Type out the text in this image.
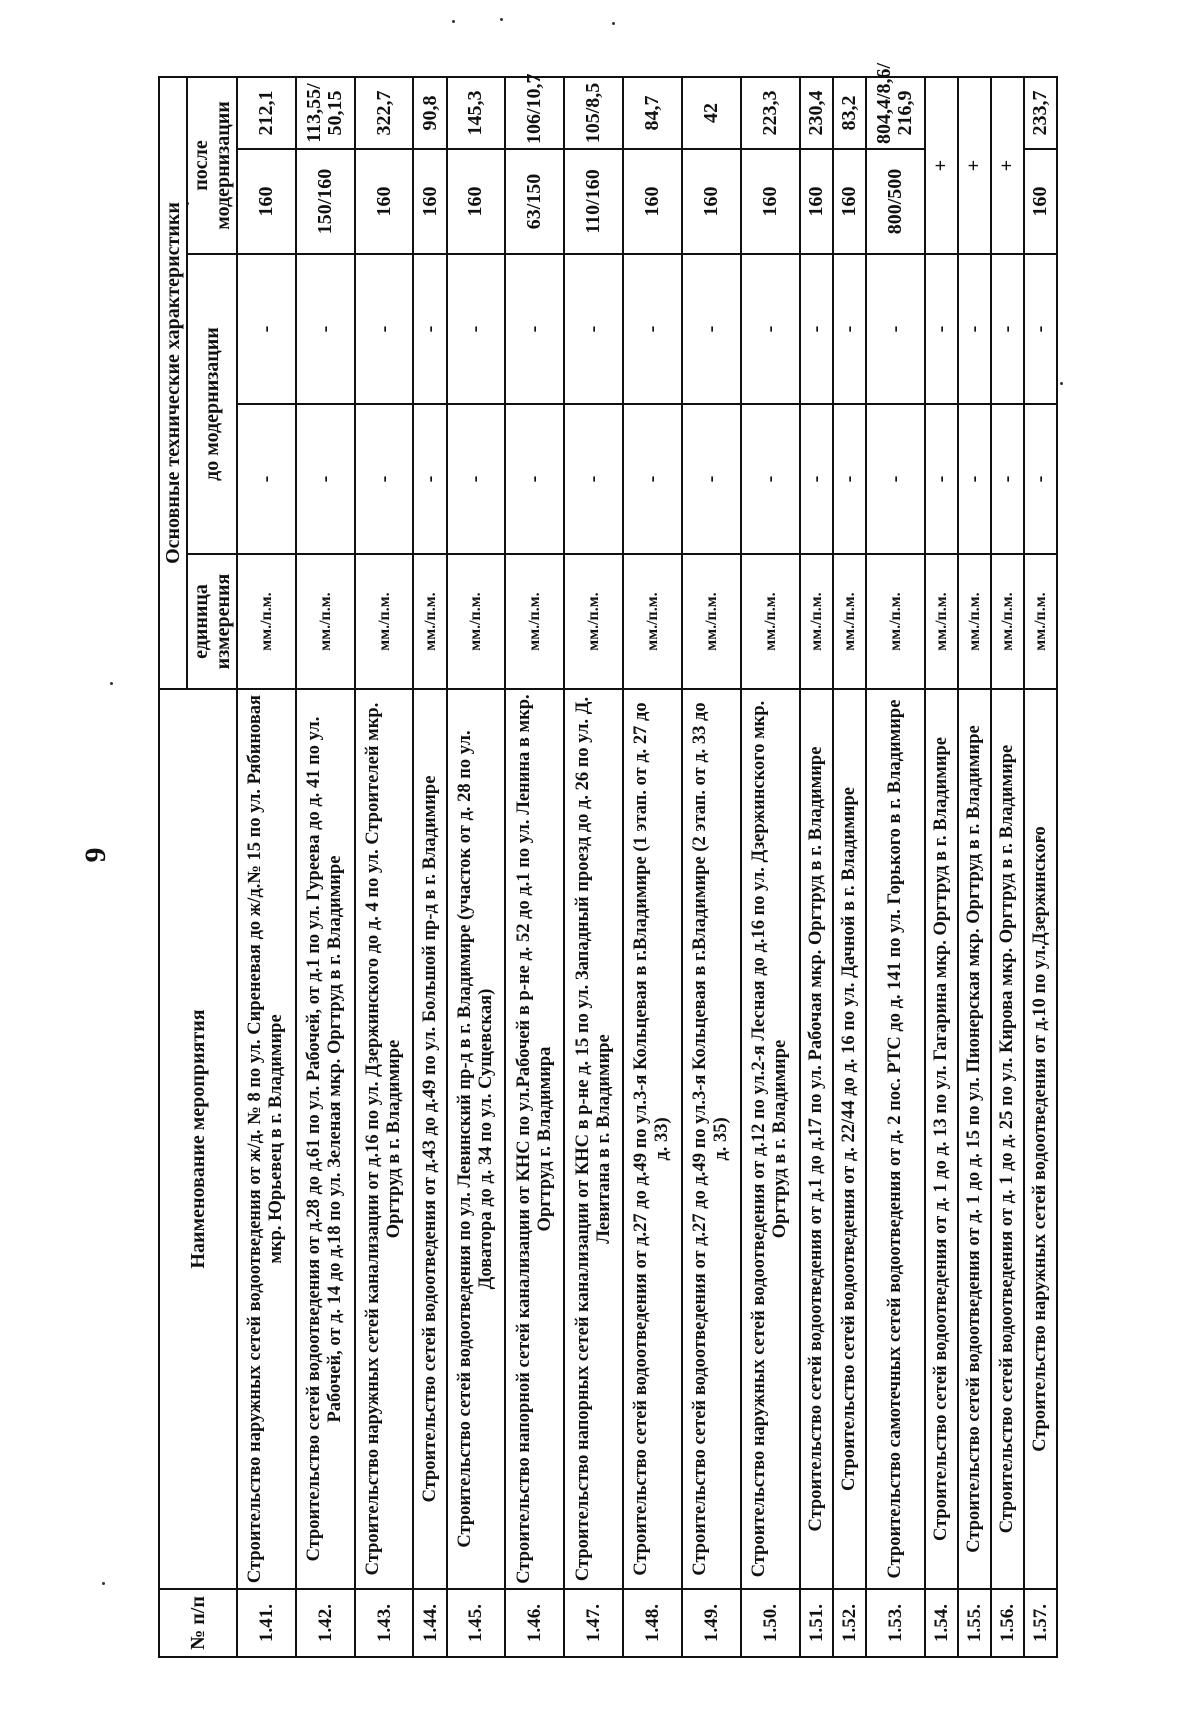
9
№ п/п	Наименование мероприятия	Основные технические характеристики				
		единица измерения	до модернизации		после модернизации	
1.41.	Строительство наружных сетей водоотведения от ж/д. № 8 по ул. Сиреневая до ж/д.№ 15 по ул. Рябиновая мкр. Юрьевец в г. Владимире	мм./п.м.	-	-	160	212,1
1.42.	Строительство сетей водоотведения от д.28 до д.61 по ул. Рабочей, от д.1 по ул. Гуреева до д. 41 по ул. Рабочей, от д. 14 до д.18 по ул. Зеленая мкр. Оргтруд в г. Владимире	мм./п.м.	-	-	150/160	113,55/ 50,15
1.43.	Строительство наружных сетей канализации от д.16 по ул. Дзержинского до д. 4 по ул. Строителей мкр. Оргтруд в г. Владимире	мм./п.м.	-	-	160	322,7
1.44.	Строительство сетей водоотведения от д.43 до д.49 по ул. Большой пр-д в г. Владимире	мм./п.м.	-	-	160	90,8
1.45.	Строительство сетей водоотведения по ул. Левинский пр-д в г. Владимире (участок от д. 28 по ул. Доватора до д. 34 по ул. Сущевская)	мм./п.м.	-	-	160	145,3
1.46.	Строительство напорной сетей канализации от КНС по ул.Рабочей в р-не д. 52 до д.1 по ул. Ленина в мкр. Оргтруд г. Владимира	мм./п.м.	-	-	63/150	106/10,7
1.47.	Строительство напорных сетей канализации от КНС в р-не д. 15 по ул. Западный проезд до д. 26 по ул. Д. Левитана в г. Владимире	мм./п.м.	-	-	110/160	105/8,5
1.48.	Строительство сетей водоотведения от д.27 до д.49 по ул.3-я Кольцевая в г.Владимире (1 этап. от д. 27 до д. 33)	мм./п.м.	-	-	160	84,7
1.49.	Строительство сетей водоотведения от д.27 до д.49 по ул.3-я Кольцевая в г.Владимире (2 этап. от д. 33 до д. 35)	мм./п.м.	-	-	160	42
1.50.	Строительство наружных сетей водоотведения от д.12 по ул.2-я Лесная до д.16 по ул. Дзержинского мкр. Оргтруд в г. Владимире	мм./п.м.	-	-	160	223,3
1.51.	Строительство сетей водоотведения от д.1 до д.17 по ул. Рабочая мкр. Оргтруд в г. Владимире	мм./п.м.	-	-	160	230,4
1.52.	Строительство сетей водоотведения от д. 22/44 до д. 16 по ул. Дачной в г. Владимире	мм./п.м.	-	-	160	83,2
1.53.	Строительство самотечных сетей водоотведения от д. 2 пос. РТС до д. 141 по ул. Горького в г. Владимире	мм./п.м.	-	-	800/500	804,4/8,6/ 216,9
1.54.	Строительство сетей водоотведения от д. 1 до д. 13 по ул. Гагарина мкр. Оргтруд в г. Владимире	мм./п.м.	-	-	+	
1.55.	Строительство сетей водоотведения от д. 1 до д. 15 по ул. Пионерская мкр. Оргтруд в г. Владимире	мм./п.м.	-	-	+	
1.56.	Строительство сетей водоотведения от д. 1 до д. 25 по ул. Кирова мкр. Оргтруд в г. Владимире	мм./п.м.	-	-	+	
1.57.	Строительство наружных сетей водоотведения от д.10 по ул.Дзержинского	мм./п.м.	-	-	160	233,7
